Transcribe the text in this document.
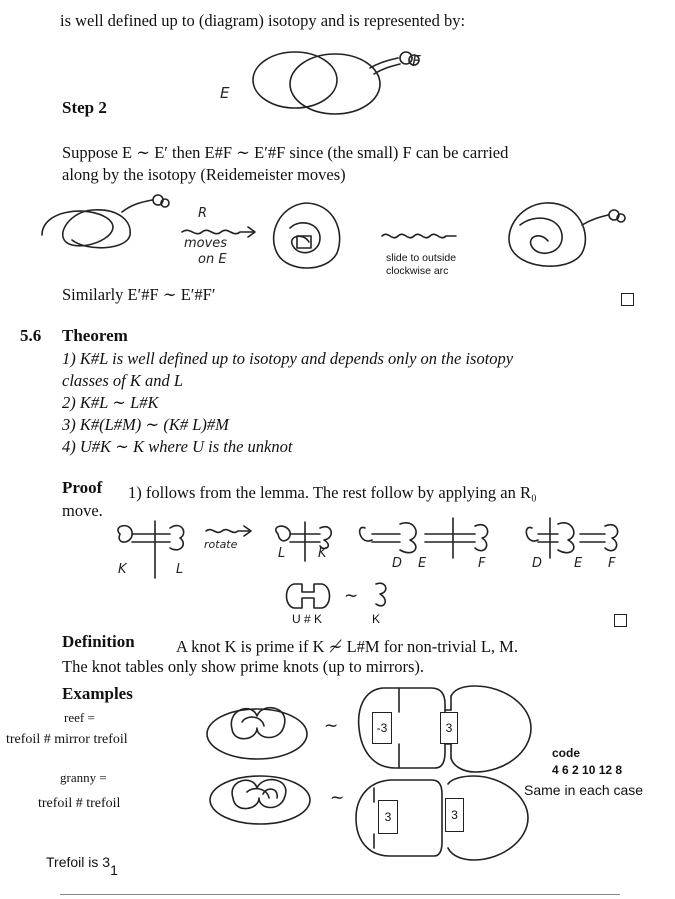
is well defined up to (diagram) isotopy and is represented by:
E
F
Step 2
Suppose E ∼ E′ then E#F ∼ E′#F since (the small) F can be carried
along by the isotopy (Reidemeister moves)
R
moves
on E	slide to outside
clockwise arc
Similarly E′#F ∼ E′#F′
5.6 Theorem
1) K#L is well defined up to isotopy and depends only on the isotopy
classes of K and L
2) K#L ∼ L#K
3) K#(L#M) ∼ (K# L)#M
4) U#K ∼ K where U is the unknot
Proof 1) follows from the lemma. The rest follow by applying an R₀
move.
K	L
rotate
L	K
D E	F	D E F
∼
U # K	K
Definition	A knot K is prime if K ≁ L#M for non-trivial L, M.
The knot tables only show prime knots (up to mirrors).
Examples
reef =
trefoil # mirror trefoil
granny =
trefoil # trefoil
∼	-3	3
∼
3	3
code
4 6 2 10 12 8
Same in each case
Trefoil is $3_1$
